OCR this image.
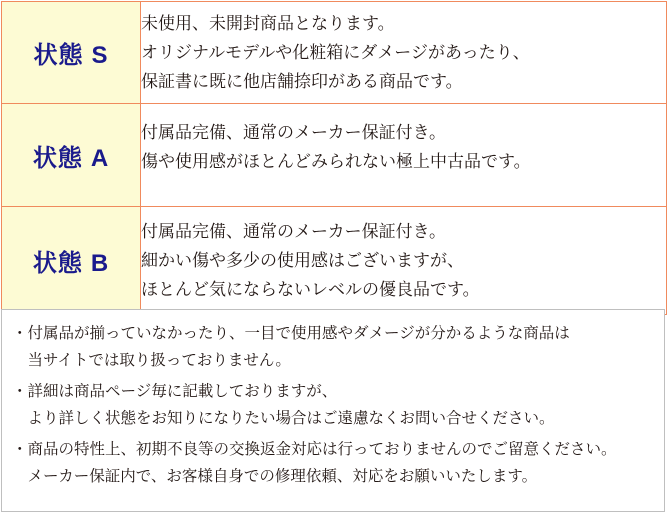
状態 S	未使用、未開封商品となります。
オリジナルモデルや化粧箱にダメージがあったり、
保証書に既に他店舗捺印がある商品です。

状態 A	付属品完備、通常のメーカー保証付き。
傷や使用感がほとんどみられない極上中古品です。

状態 B	付属品完備、通常のメーカー保証付き。
細かい傷や多少の使用感はございますが、
ほとんど気にならないレベルの優良品です。
・付属品が揃っていなかったり、一目で使用感やダメージが分かるような商品は
　当サイトでは取り扱っておりません。
・詳細は商品ページ毎に記載しておりますが、
　より詳しく状態をお知りになりたい場合はご遠慮なくお問い合せください。
・商品の特性上、初期不良等の交換返金対応は行っておりませんのでご留意ください。
　メーカー保証内で、お客様自身での修理依頼、対応をお願いいたします。
